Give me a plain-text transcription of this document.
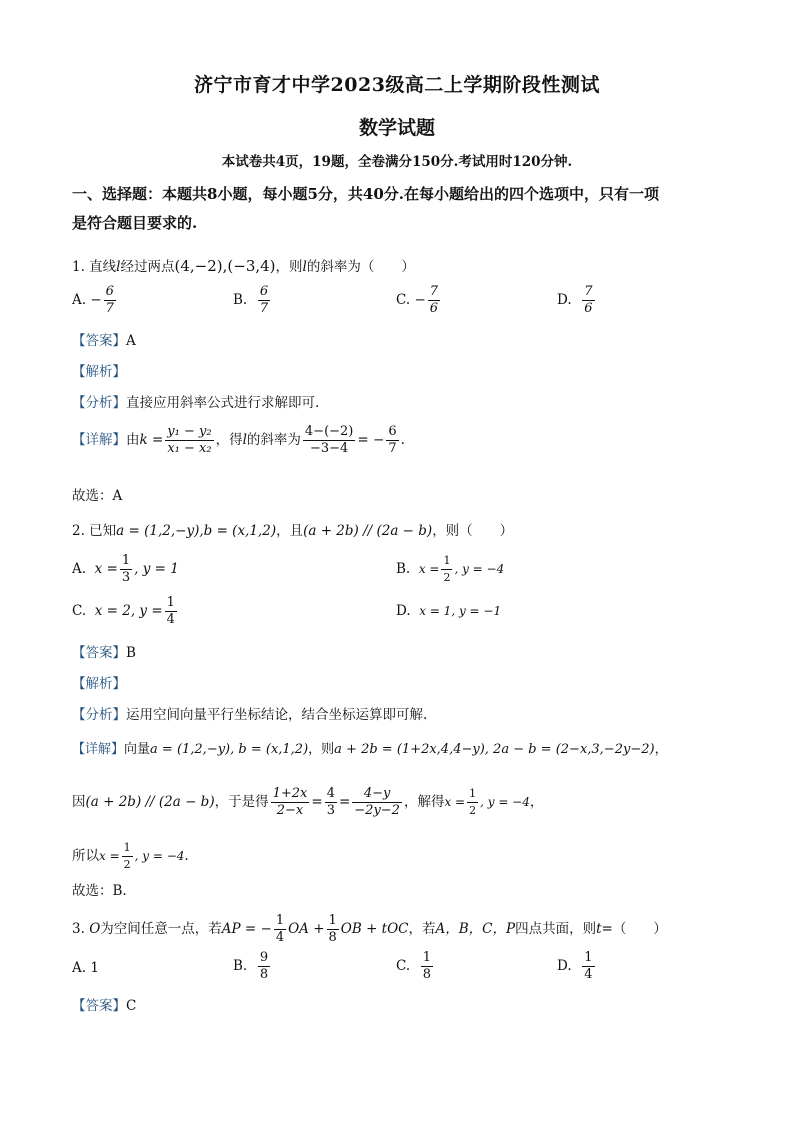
济宁市育才中学2023级高二上学期阶段性测试
数学试题
本试卷共4页，19题，全卷满分150分.考试用时120分钟.
一、选择题：本题共8小题，每小题5分，共40分.在每小题给出的四个选项中，只有一项
是符合题目要求的.
1. 直线l经过两点(4,−2),(−3,4)，则l的斜率为（　　）
A. − $\frac{6}{7}$	B. $\frac{6}{7}$	C. − $\frac{7}{6}$	D. $\frac{7}{6}$
【答案】A
【解析】
【分析】直接应用斜率公式进行求解即可.
【详解】由$k = \frac{\text{y₁ − y₂}}{\text{x₁ − x₂}}$ ，得l的斜率为 $\frac{4-(-2)}{-3-4}$ = − $\frac{6}{7}$ .
故选：A
2. 已知a = (1,2,−y),b = (x,1,2)，且(a + 2b) // (2a − b)，则（　　）
A. $x = \frac{1}{3}$ , y = 1	B. $x = \frac{1}{2}$ , y = −4
C. x = 2, $y = \frac{1}{4}$	D. x = 1, y = −1
【答案】B
【解析】
【分析】运用空间向量平行坐标结论，结合坐标运算即可解.
【详解】向量a = (1,2,−y), b = (x,1,2)，则a + 2b = (1+2x,4,4−y), 2a − b = (2−x,3,−2y−2)，
因(a + 2b) // (2a − b)，于是得 $\frac{1+2x}{2-x} = \frac{4}{3} = \frac{4-y}{-2y-2}$ ，解得$x = \frac{1}{2}$ , y = −4，
所以$x = \frac{1}{2}$ , y = −4.
故选：B.
3. O为空间任意一点，若AP = − $\frac{1}{4}$ OA + $\frac{1}{8}$ OB + tOC，若A，B，C，P四点共面，则t=（　　）
A. 1	B. $\frac{9}{8}$	C. $\frac{1}{8}$	D. $\frac{1}{4}$
【答案】C
